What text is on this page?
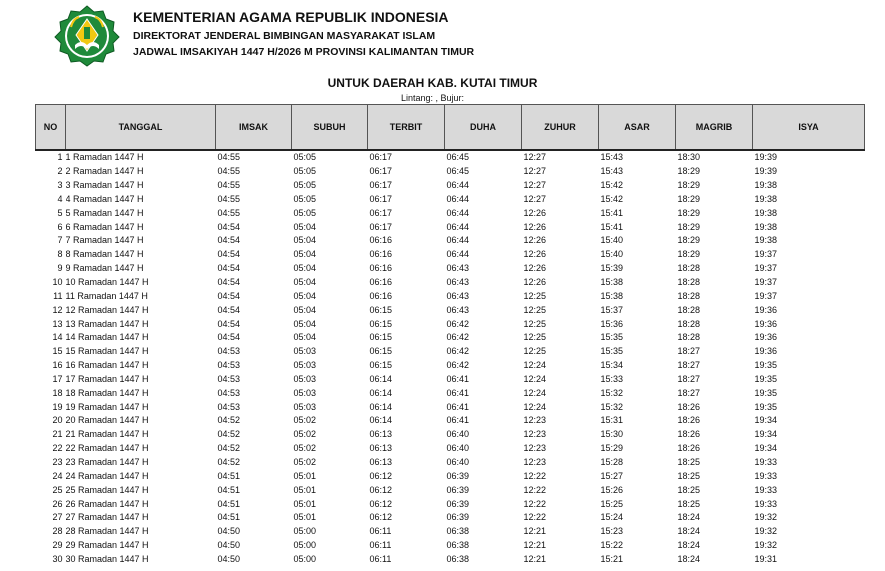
KEMENTERIAN AGAMA REPUBLIK INDONESIA
DIREKTORAT JENDERAL BIMBINGAN MASYARAKAT ISLAM
JADWAL IMSAKIYAH 1447 H/2026 M PROVINSI KALIMANTAN TIMUR
UNTUK DAERAH KAB. KUTAI TIMUR
Lintang: , Bujur:
NO	TANGGAL	IMSAK	SUBUH	TERBIT	DUHA	ZUHUR	ASAR	MAGRIB	ISYA
1	1 Ramadan 1447 H	04:55	05:05	06:17	06:45	12:27	15:43	18:30	19:39
2	2 Ramadan 1447 H	04:55	05:05	06:17	06:45	12:27	15:43	18:29	19:39
3	3 Ramadan 1447 H	04:55	05:05	06:17	06:44	12:27	15:42	18:29	19:38
4	4 Ramadan 1447 H	04:55	05:05	06:17	06:44	12:27	15:42	18:29	19:38
5	5 Ramadan 1447 H	04:55	05:05	06:17	06:44	12:26	15:41	18:29	19:38
6	6 Ramadan 1447 H	04:54	05:04	06:17	06:44	12:26	15:41	18:29	19:38
7	7 Ramadan 1447 H	04:54	05:04	06:16	06:44	12:26	15:40	18:29	19:38
8	8 Ramadan 1447 H	04:54	05:04	06:16	06:44	12:26	15:40	18:29	19:37
9	9 Ramadan 1447 H	04:54	05:04	06:16	06:43	12:26	15:39	18:28	19:37
10	10 Ramadan 1447 H	04:54	05:04	06:16	06:43	12:26	15:38	18:28	19:37
11	11 Ramadan 1447 H	04:54	05:04	06:16	06:43	12:25	15:38	18:28	19:37
12	12 Ramadan 1447 H	04:54	05:04	06:15	06:43	12:25	15:37	18:28	19:36
13	13 Ramadan 1447 H	04:54	05:04	06:15	06:42	12:25	15:36	18:28	19:36
14	14 Ramadan 1447 H	04:54	05:04	06:15	06:42	12:25	15:35	18:28	19:36
15	15 Ramadan 1447 H	04:53	05:03	06:15	06:42	12:25	15:35	18:27	19:36
16	16 Ramadan 1447 H	04:53	05:03	06:15	06:42	12:24	15:34	18:27	19:35
17	17 Ramadan 1447 H	04:53	05:03	06:14	06:41	12:24	15:33	18:27	19:35
18	18 Ramadan 1447 H	04:53	05:03	06:14	06:41	12:24	15:32	18:27	19:35
19	19 Ramadan 1447 H	04:53	05:03	06:14	06:41	12:24	15:32	18:26	19:35
20	20 Ramadan 1447 H	04:52	05:02	06:14	06:41	12:23	15:31	18:26	19:34
21	21 Ramadan 1447 H	04:52	05:02	06:13	06:40	12:23	15:30	18:26	19:34
22	22 Ramadan 1447 H	04:52	05:02	06:13	06:40	12:23	15:29	18:26	19:34
23	23 Ramadan 1447 H	04:52	05:02	06:13	06:40	12:23	15:28	18:25	19:33
24	24 Ramadan 1447 H	04:51	05:01	06:12	06:39	12:22	15:27	18:25	19:33
25	25 Ramadan 1447 H	04:51	05:01	06:12	06:39	12:22	15:26	18:25	19:33
26	26 Ramadan 1447 H	04:51	05:01	06:12	06:39	12:22	15:25	18:25	19:33
27	27 Ramadan 1447 H	04:51	05:01	06:12	06:39	12:22	15:24	18:24	19:32
28	28 Ramadan 1447 H	04:50	05:00	06:11	06:38	12:21	15:23	18:24	19:32
29	29 Ramadan 1447 H	04:50	05:00	06:11	06:38	12:21	15:22	18:24	19:32
30	30 Ramadan 1447 H	04:50	05:00	06:11	06:38	12:21	15:21	18:24	19:31
